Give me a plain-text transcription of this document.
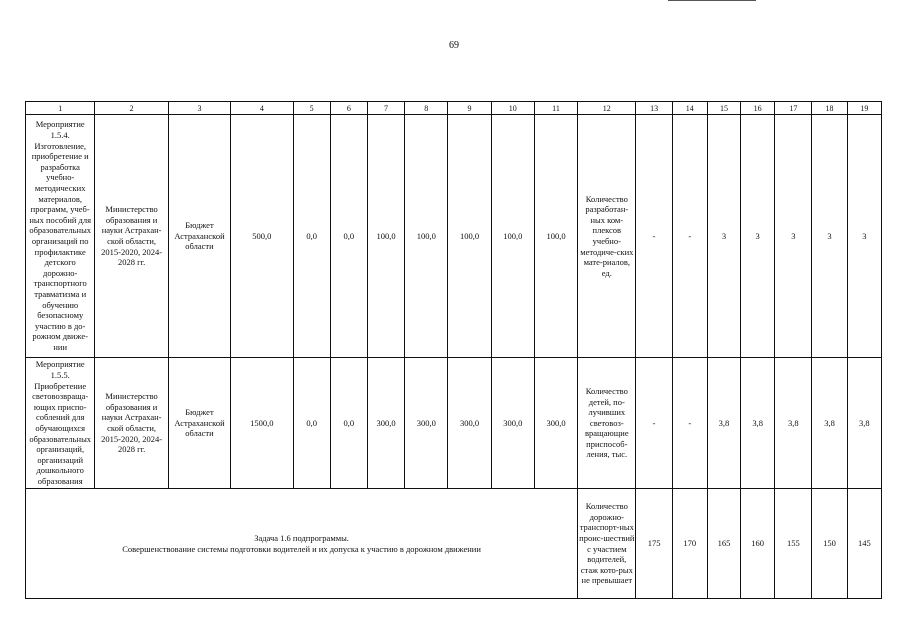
69
1	2	3	4	5	6	7	8	9	10	11	12	13	14	15	16	17	18	19
Мероприятие 1.5.4. Изготовление, приобретение и разработка учебно-методических материалов, программ, учеб-ных пособий для образовательных организаций по профилактике детского дорожно-транспортного травматизма и обучению безопасному участию в до-рожном движе-нии	Министерство образования и науки Астрахан-ской области, 2015-2020, 2024-2028 гг.	Бюджет Астраханской области	500,0	0,0	0,0	100,0	100,0	100,0	100,0	100,0	Количество разработан-ных ком-плексов учебно-методиче-ских мате-риалов, ед.	-	-	3	3	3	3	3
Мероприятие 1.5.5. Приобретение световозвраща-ющих приспо-соблений для обучающихся образовательных организаций, организаций дошкольного образования	Министерство образования и науки Астрахан-ской области, 2015-2020, 2024-2028 гг.	Бюджет Астраханской области	1500,0	0,0	0,0	300,0	300,0	300,0	300,0	300,0	Количество детей, по-лучивших световоз-вращающие приспособ-ления, тыс.	-	-	3,8	3,8	3,8	3,8	3,8

Задача 1.6 подпрограммы.
Совершенствование системы подготовки водителей и их допуска к участию в дорожном движении											Количество дорожно-транспорт-ных проис-шествий с участием водителей, стаж кото-рых не превышает	175	170	165	160	155	150	145
